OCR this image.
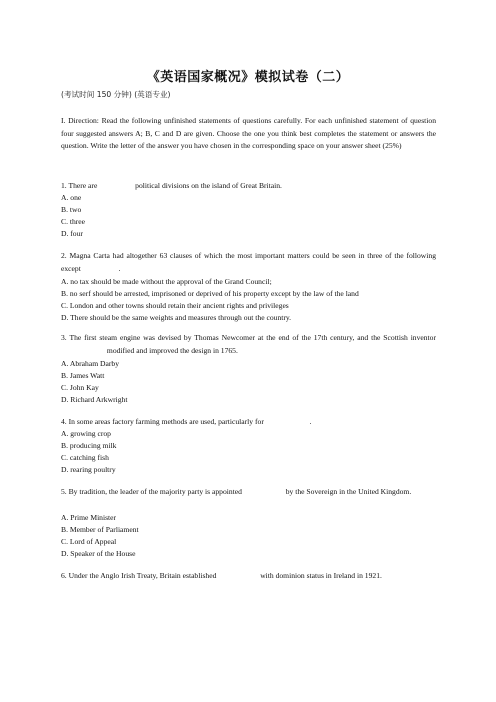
《英语国家概况》模拟试卷（二）
(考试时间 150 分钟) (英语专业)
I. Direction: Read the following unfinished statements of questions carefully. For each unfinished statement of question four suggested answers A; B, C and D are given. Choose the one you think best completes the statement or answers the question. Write the letter of the answer you have chosen in the corresponding space on your answer sheet (25%)
1. There are	political divisions on the island of Great Britain.
A. one
B. two
C. three
D. four
2. Magna Carta had altogether 63 clauses of which the most important matters could be seen in three of the following except	.
A. no tax should be made without the approval of the Grand Council;
B. no serf should be arrested, imprisoned or deprived of his property except by the law of the land
C. London and other towns should retain their ancient rights and privileges
D. There should be the same weights and measures through out the country.
3. The first steam engine was devised by Thomas Newcomer at the end of the 17th century, and the Scottish inventor  modified and improved the design in 1765.
A. Abraham Darby
B. James Watt
C. John Kay
D. Richard Arkwright
4. In some areas factory farming methods are used, particularly for	.
A. growing crop
B. producing milk
C. catching fish
D. rearing poultry
5. By tradition, the leader of the majority party is appointed	by the Sovereign in the United Kingdom.
A. Prime Minister
B. Member of Parliament
C. Lord of Appeal
D. Speaker of the House
6. Under the Anglo Irish Treaty, Britain established	with dominion status in Ireland in 1921.
